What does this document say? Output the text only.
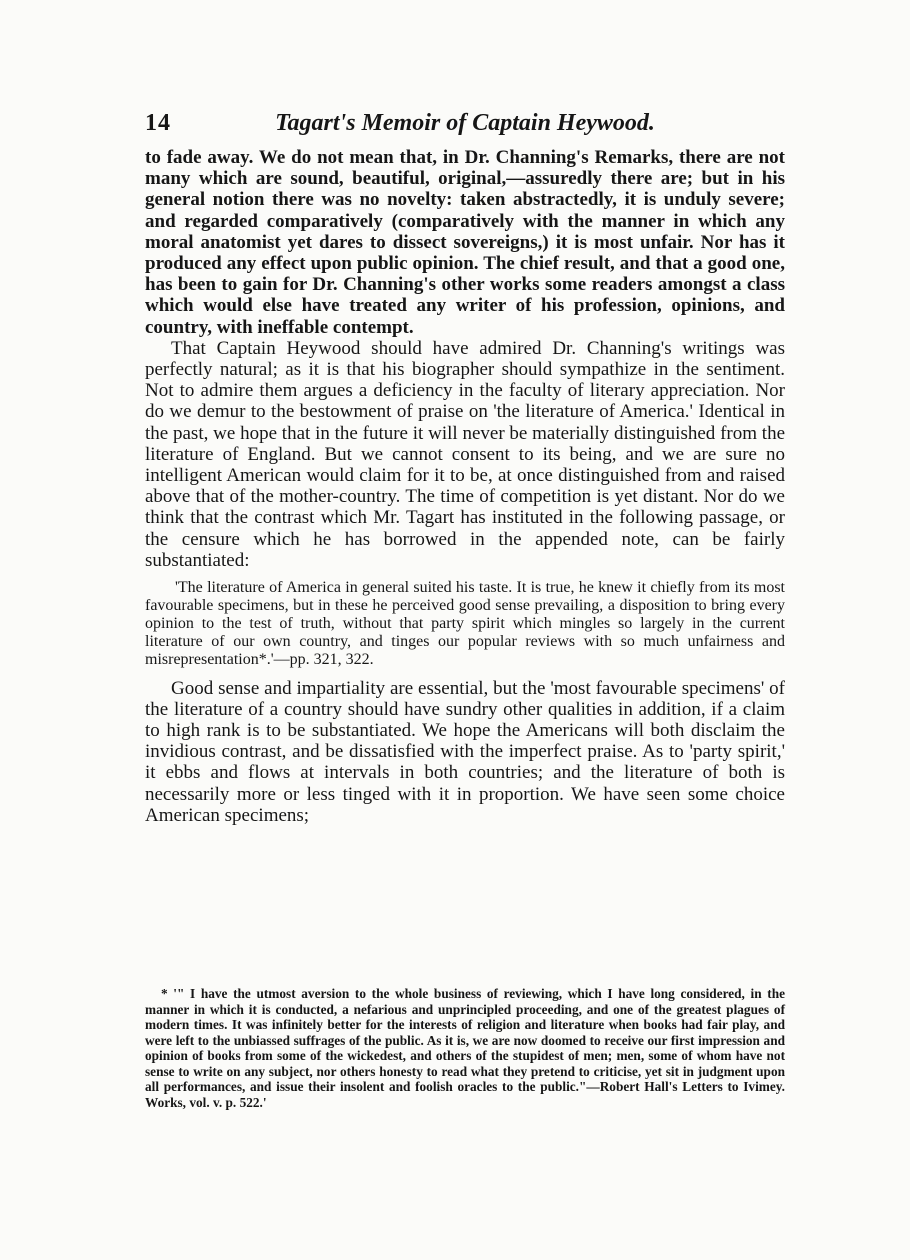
14	Tagart's Memoir of Captain Heywood.

to fade away. We do not mean that, in Dr. Channing's Remarks, there are not many which are sound, beautiful, original,—assuredly there are; but in his general notion there was no novelty: taken abstractedly, it is unduly severe; and regarded comparatively (comparatively with the manner in which any moral anatomist yet dares to dissect sovereigns,) it is most unfair. Nor has it produced any effect upon public opinion. The chief result, and that a good one, has been to gain for Dr. Channing's other works some readers amongst a class which would else have treated any writer of his profession, opinions, and country, with ineffable contempt.

That Captain Heywood should have admired Dr. Channing's writings was perfectly natural; as it is that his biographer should sympathize in the sentiment. Not to admire them argues a deficiency in the faculty of literary appreciation. Nor do we demur to the bestowment of praise on 'the literature of America.' Identical in the past, we hope that in the future it will never be materially distinguished from the literature of England. But we cannot consent to its being, and we are sure no intelligent American would claim for it to be, at once distinguished from and raised above that of the mother-country. The time of competition is yet distant. Nor do we think that the contrast which Mr. Tagart has instituted in the following passage, or the censure which he has borrowed in the appended note, can be fairly substantiated:

'The literature of America in general suited his taste. It is true, he knew it chiefly from its most favourable specimens, but in these he perceived good sense prevailing, a disposition to bring every opinion to the test of truth, without that party spirit which mingles so largely in the current literature of our own country, and tinges our popular reviews with so much unfairness and misrepresentation*.'—pp. 321, 322.

Good sense and impartiality are essential, but the 'most favourable specimens' of the literature of a country should have sundry other qualities in addition, if a claim to high rank is to be substantiated. We hope the Americans will both disclaim the invidious contrast, and be dissatisfied with the imperfect praise. As to 'party spirit,' it ebbs and flows at intervals in both countries; and the literature of both is necessarily more or less tinged with it in proportion. We have seen some choice American specimens;

* '" I have the utmost aversion to the whole business of reviewing, which I have long considered, in the manner in which it is conducted, a nefarious and unprincipled proceeding, and one of the greatest plagues of modern times. It was infinitely better for the interests of religion and literature when books had fair play, and were left to the unbiassed suffrages of the public. As it is, we are now doomed to receive our first impression and opinion of books from some of the wickedest, and others of the stupidest of men; men, some of whom have not sense to write on any subject, nor others honesty to read what they pretend to criticise, yet sit in judgment upon all performances, and issue their insolent and foolish oracles to the public."—Robert Hall's Letters to Ivimey. Works, vol. v. p. 522.'
